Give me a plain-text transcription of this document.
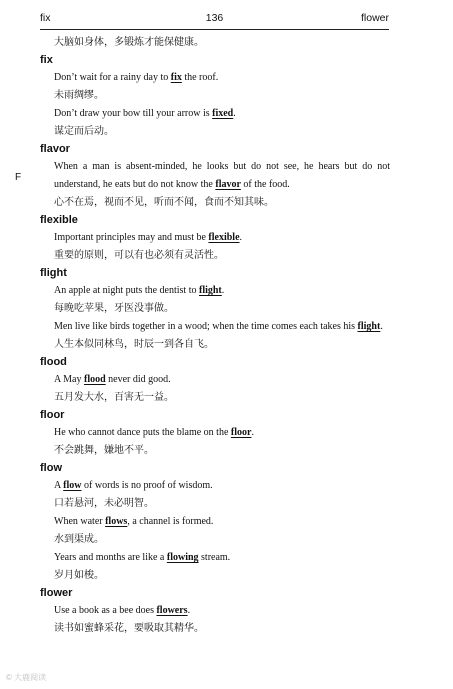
fix	136	flower
F
大脑如身体，多锻炼才能保健康。
fix
Don’t wait for a rainy day to fix the roof.
未雨绸缪。
Don’t draw your bow till your arrow is fixed.
谋定而后动。
flavor
When a man is absent-minded, he looks but do not see, he hears but do not understand, he eats but do not know the flavor of the food.
心不在焉，视而不见，听而不闻，食而不知其味。
flexible
Important principles may and must be flexible.
重要的原则，可以有也必须有灵活性。
flight
An apple at night puts the dentist to flight.
每晚吃苹果，牙医没事做。
Men live like birds together in a wood; when the time comes each takes his flight.
人生本似同林鸟，时辰一到各自飞。
flood
A May flood never did good.
五月发大水，百害无一益。
floor
He who cannot dance puts the blame on the floor.
不会跳舞，嫌地不平。
flow
A flow of words is no proof of wisdom.
口若悬河，未必明智。
When water flows, a channel is formed.
水到渠成。
Years and months are like a flowing stream.
岁月如梭。
flower
Use a book as a bee does flowers.
读书如蜜蜂采花，要吸取其精华。
© 大鹿阅读
